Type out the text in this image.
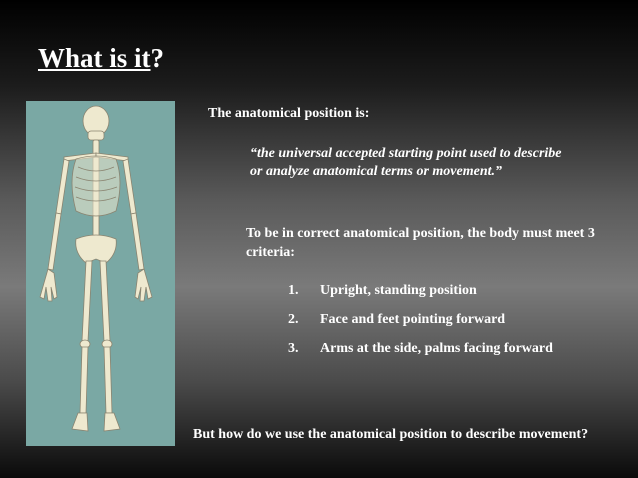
What is it?
The anatomical position is:
“the universal accepted starting point used to describe or analyze anatomical terms or movement.”
To be in correct anatomical position, the body must meet 3 criteria:
1. Upright, standing position
2. Face and feet pointing forward
3. Arms at the side, palms facing forward
But how do we use the anatomical position to describe movement?
